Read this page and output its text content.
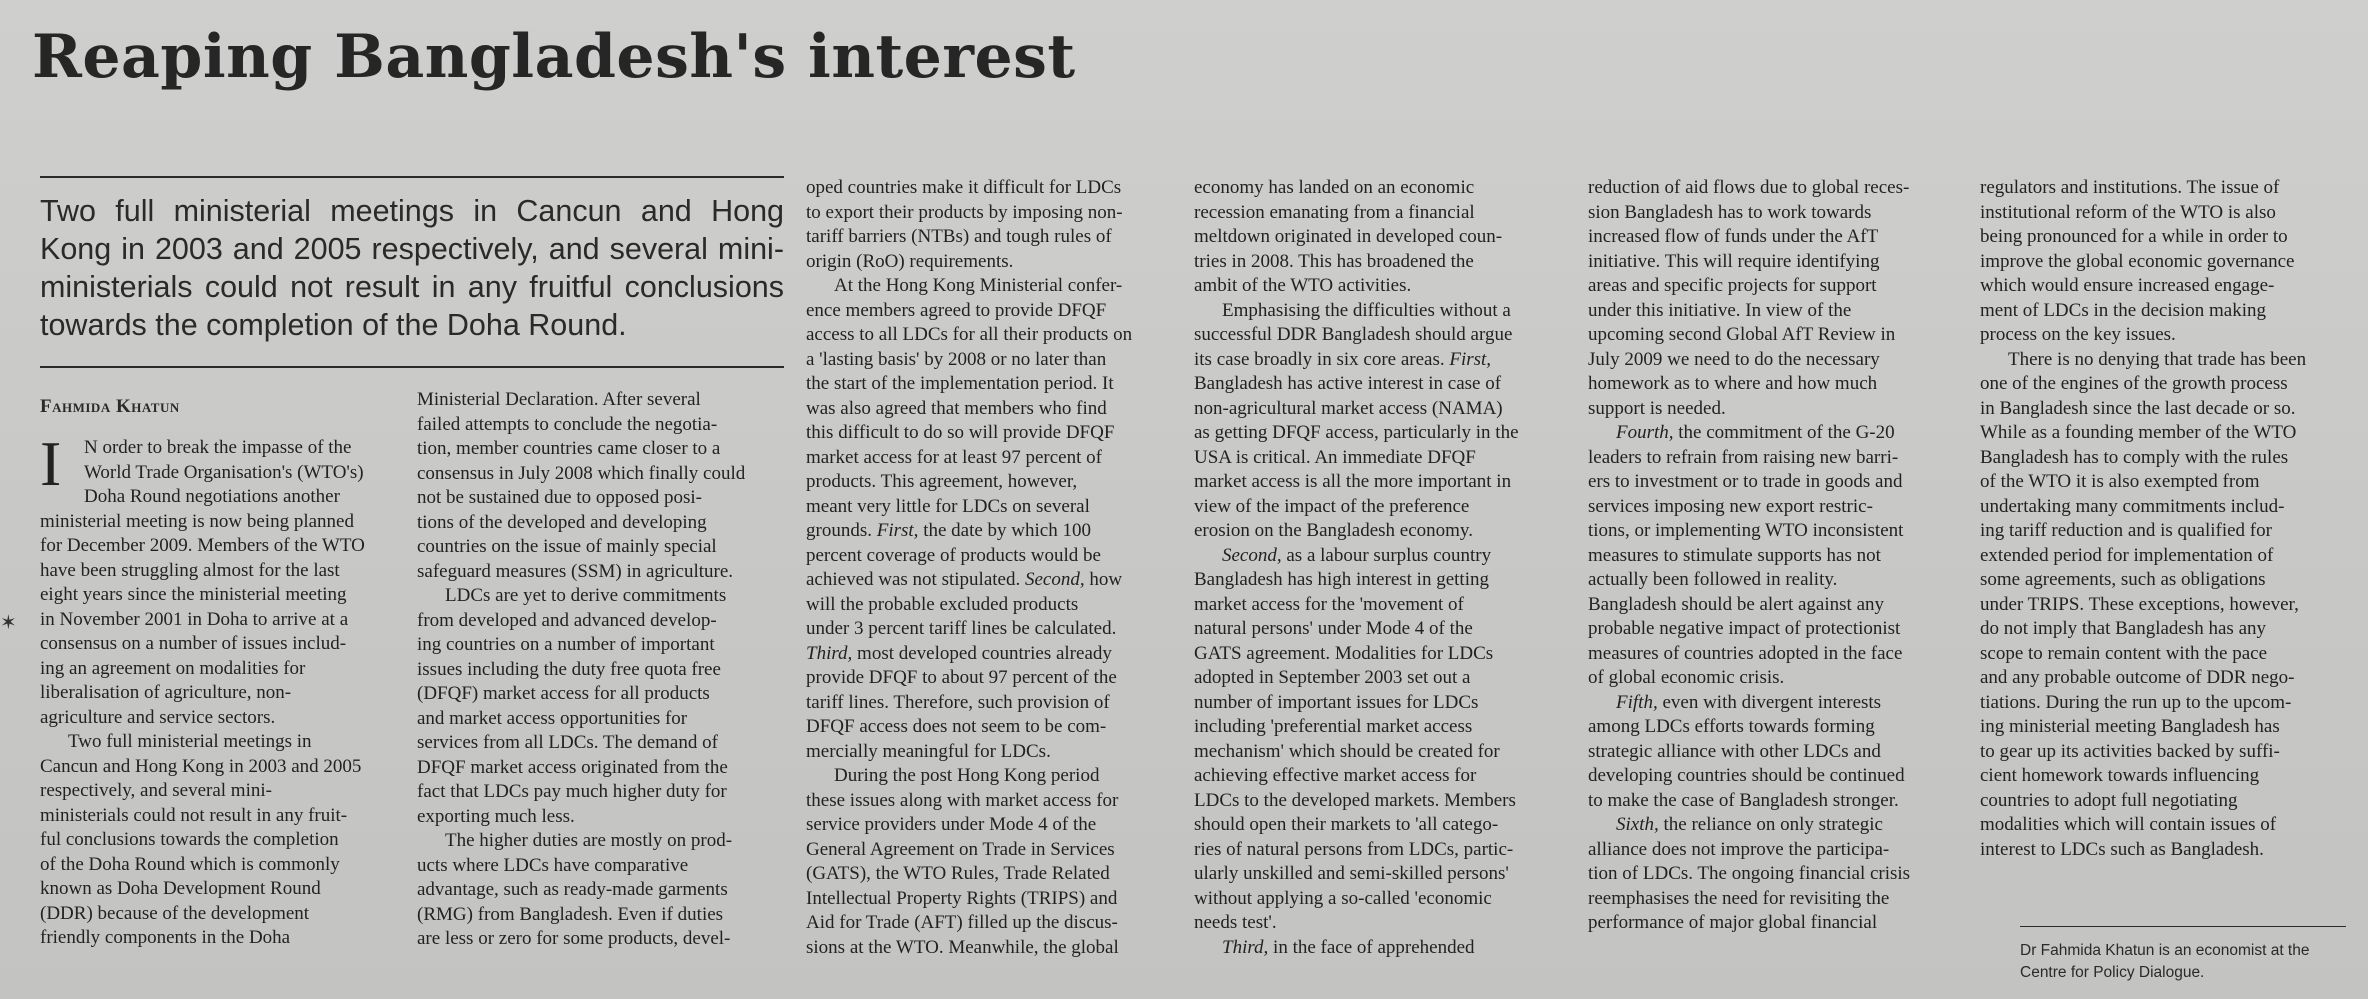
Reaping Bangladesh's interest

Two full ministerial meetings in Cancun and Hong Kong in 2003 and 2005 respectively, and several mini-ministerials could not result in any fruitful conclusions towards the completion of the Doha Round.

Fahmida Khatun

✶
I	N order to break the impasse of the
World Trade Organisation's (WTO's)
Doha Round negotiations another
ministerial meeting is now being planned
for December 2009. Members of the WTO
have been struggling almost for the last
eight years since the ministerial meeting
in November 2001 in Doha to arrive at a
consensus on a number of issues includ-
ing an agreement on modalities for
liberalisation of agriculture, non-
agriculture and service sectors.
Two full ministerial meetings in
Cancun and Hong Kong in 2003 and 2005
respectively, and several mini-
ministerials could not result in any fruit-
ful conclusions towards the completion
of the Doha Round which is commonly
known as Doha Development Round
(DDR) because of the development
friendly components in the Doha
Ministerial Declaration. After several
failed attempts to conclude the negotia-
tion, member countries came closer to a
consensus in July 2008 which finally could
not be sustained due to opposed posi-
tions of the developed and developing
countries on the issue of mainly special
safeguard measures (SSM) in agriculture.
LDCs are yet to derive commitments
from developed and advanced develop-
ing countries on a number of important
issues including the duty free quota free
(DFQF) market access for all products
and market access opportunities for
services from all LDCs. The demand of
DFQF market access originated from the
fact that LDCs pay much higher duty for
exporting much less.
The higher duties are mostly on prod-
ucts where LDCs have comparative
advantage, such as ready-made garments
(RMG) from Bangladesh. Even if duties
are less or zero for some products, devel-
oped countries make it difficult for LDCs
to export their products by imposing non-
tariff barriers (NTBs) and tough rules of
origin (RoO) requirements.
At the Hong Kong Ministerial confer-
ence members agreed to provide DFQF
access to all LDCs for all their products on
a 'lasting basis' by 2008 or no later than
the start of the implementation period. It
was also agreed that members who find
this difficult to do so will provide DFQF
market access for at least 97 percent of
products. This agreement, however,
meant very little for LDCs on several
grounds. First, the date by which 100
percent coverage of products would be
achieved was not stipulated. Second, how
will the probable excluded products
under 3 percent tariff lines be calculated.
Third, most developed countries already
provide DFQF to about 97 percent of the
tariff lines. Therefore, such provision of
DFQF access does not seem to be com-
mercially meaningful for LDCs.
During the post Hong Kong period
these issues along with market access for
service providers under Mode 4 of the
General Agreement on Trade in Services
(GATS), the WTO Rules, Trade Related
Intellectual Property Rights (TRIPS) and
Aid for Trade (AFT) filled up the discus-
sions at the WTO. Meanwhile, the global
economy has landed on an economic
recession emanating from a financial
meltdown originated in developed coun-
tries in 2008. This has broadened the
ambit of the WTO activities.
Emphasising the difficulties without a
successful DDR Bangladesh should argue
its case broadly in six core areas. First,
Bangladesh has active interest in case of
non-agricultural market access (NAMA)
as getting DFQF access, particularly in the
USA is critical. An immediate DFQF
market access is all the more important in
view of the impact of the preference
erosion on the Bangladesh economy.
Second, as a labour surplus country
Bangladesh has high interest in getting
market access for the 'movement of
natural persons' under Mode 4 of the
GATS agreement. Modalities for LDCs
adopted in September 2003 set out a
number of important issues for LDCs
including 'preferential market access
mechanism' which should be created for
achieving effective market access for
LDCs to the developed markets. Members
should open their markets to 'all catego-
ries of natural persons from LDCs, partic-
ularly unskilled and semi-skilled persons'
without applying a so-called 'economic
needs test'.
Third, in the face of apprehended
reduction of aid flows due to global reces-
sion Bangladesh has to work towards
increased flow of funds under the AfT
initiative. This will require identifying
areas and specific projects for support
under this initiative. In view of the
upcoming second Global AfT Review in
July 2009 we need to do the necessary
homework as to where and how much
support is needed.
Fourth, the commitment of the G-20
leaders to refrain from raising new barri-
ers to investment or to trade in goods and
services imposing new export restric-
tions, or implementing WTO inconsistent
measures to stimulate supports has not
actually been followed in reality.
Bangladesh should be alert against any
probable negative impact of protectionist
measures of countries adopted in the face
of global economic crisis.
Fifth, even with divergent interests
among LDCs efforts towards forming
strategic alliance with other LDCs and
developing countries should be continued
to make the case of Bangladesh stronger.
Sixth, the reliance on only strategic
alliance does not improve the participa-
tion of LDCs. The ongoing financial crisis
reemphasises the need for revisiting the
performance of major global financial
regulators and institutions. The issue of
institutional reform of the WTO is also
being pronounced for a while in order to
improve the global economic governance
which would ensure increased engage-
ment of LDCs in the decision making
process on the key issues.
There is no denying that trade has been
one of the engines of the growth process
in Bangladesh since the last decade or so.
While as a founding member of the WTO
Bangladesh has to comply with the rules
of the WTO it is also exempted from
undertaking many commitments includ-
ing tariff reduction and is qualified for
extended period for implementation of
some agreements, such as obligations
under TRIPS. These exceptions, however,
do not imply that Bangladesh has any
scope to remain content with the pace
and any probable outcome of DDR nego-
tiations. During the run up to the upcom-
ing ministerial meeting Bangladesh has
to gear up its activities backed by suffi-
cient homework towards influencing
countries to adopt full negotiating
modalities which will contain issues of
interest to LDCs such as Bangladesh.

Dr Fahmida Khatun is an economist at the Centre for Policy Dialogue.
